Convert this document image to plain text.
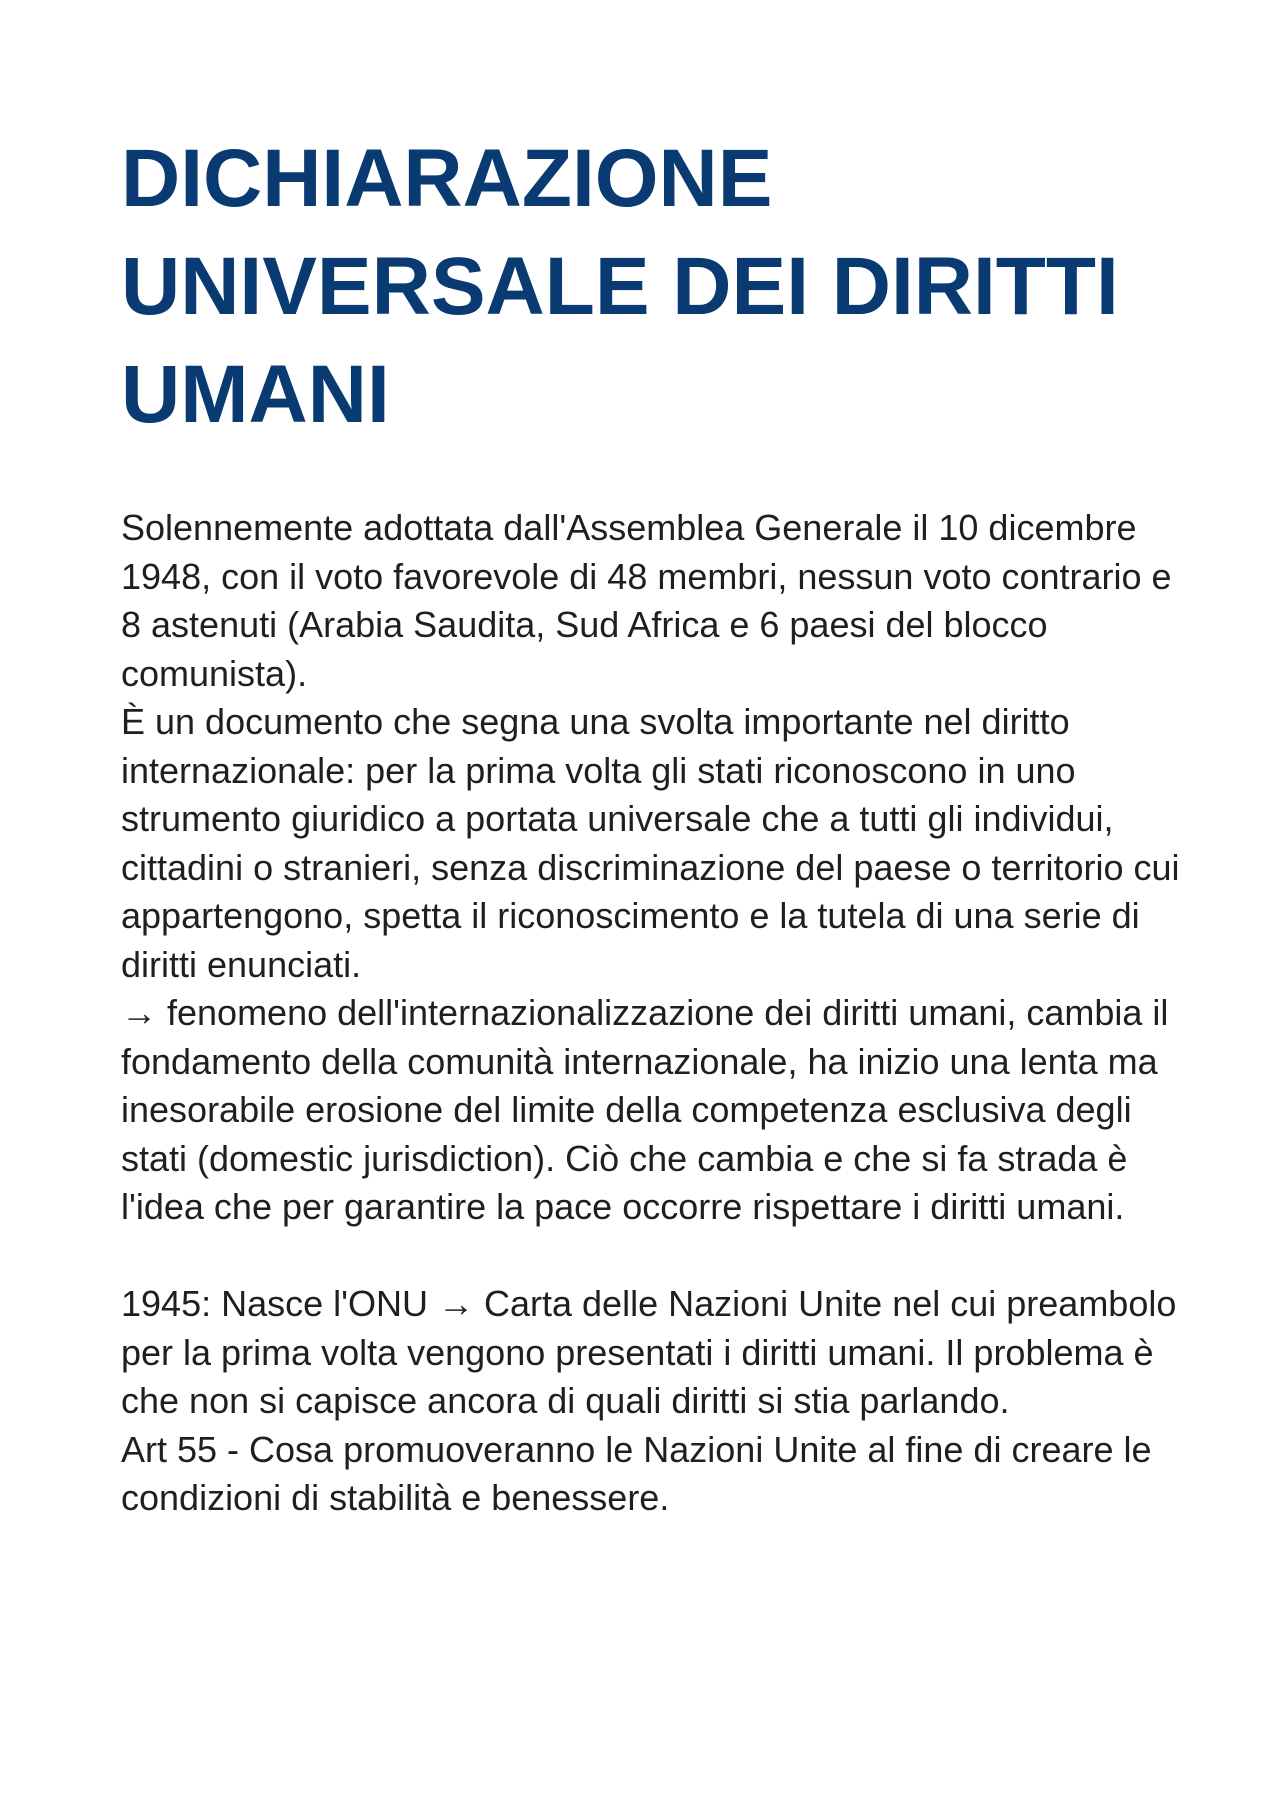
DICHIARAZIONE
UNIVERSALE DEI DIRITTI
UMANI

Solennemente adottata dall'Assemblea Generale il 10 dicembre 1948, con il voto favorevole di 48 membri, nessun voto contrario e 8 astenuti (Arabia Saudita, Sud Africa e 6 paesi del blocco comunista).

È un documento che segna una svolta importante nel diritto internazionale: per la prima volta gli stati riconoscono in uno strumento giuridico a portata universale che a tutti gli individui, cittadini o stranieri, senza discriminazione del paese o territorio cui appartengono, spetta il riconoscimento e la tutela di una serie di diritti enunciati.

→ fenomeno dell'internazionalizzazione dei diritti umani, cambia il fondamento della comunità internazionale, ha inizio una lenta ma inesorabile erosione del limite della competenza esclusiva degli stati (domestic jurisdiction). Ciò che cambia e che si fa strada è l'idea che per garantire la pace occorre rispettare i diritti umani.

1945: Nasce l'ONU → Carta delle Nazioni Unite nel cui preambolo per la prima volta vengono presentati i diritti umani. Il problema è che non si capisce ancora di quali diritti si stia parlando.

Art 55 - Cosa promuoveranno le Nazioni Unite al fine di creare le condizioni di stabilità e benessere.
